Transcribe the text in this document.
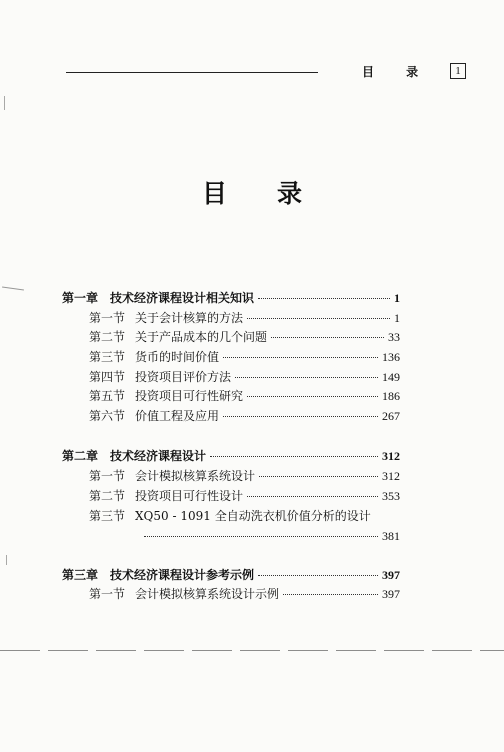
目 录	1
目录
第一章 技术经济课程设计相关知识	1
第一节 关于会计核算的方法	1
第二节 关于产品成本的几个问题	33
第三节 货币的时间价值	136
第四节 投资项目评价方法	149
第五节 投资项目可行性研究	186
第六节 价值工程及应用	267
第二章 技术经济课程设计	312
第一节 会计模拟核算系统设计	312
第二节 投资项目可行性设计	353
第三节 XQ50 - 1091 全自动洗衣机价值分析的设计
381
第三章 技术经济课程设计参考示例	397
第一节 会计模拟核算系统设计示例	397
